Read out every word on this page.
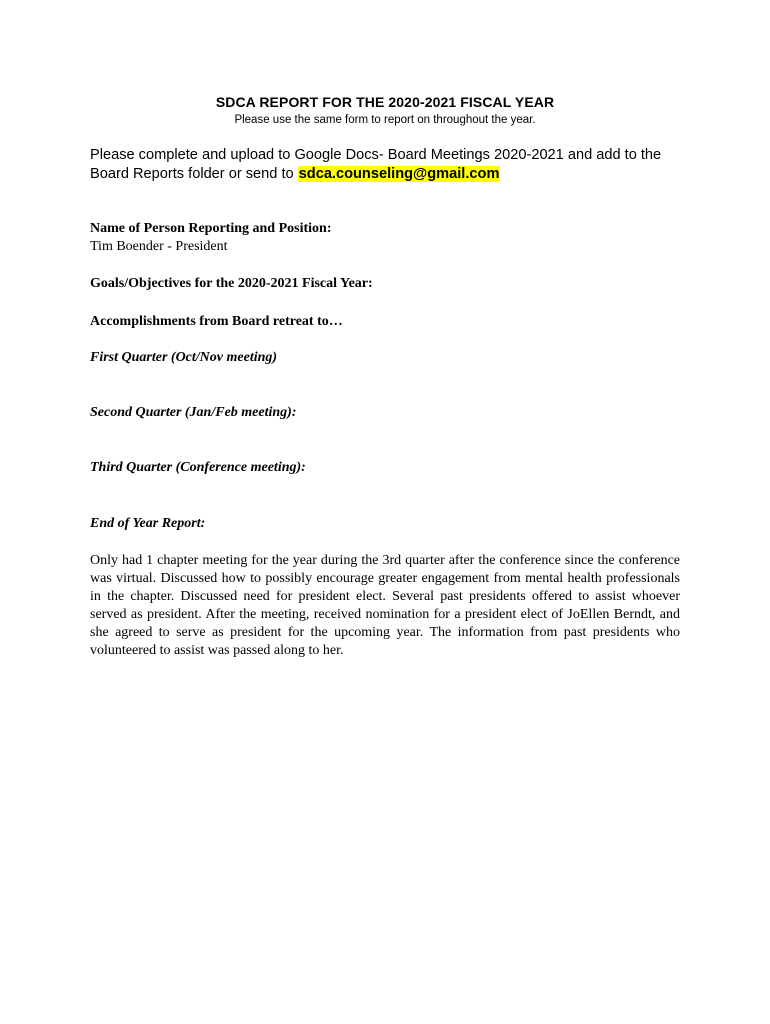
SDCA REPORT FOR THE 2020-2021 FISCAL YEAR
Please use the same form to report on throughout the year.
Please complete and upload to Google Docs- Board Meetings 2020-2021 and add to the Board Reports folder or send to sdca.counseling@gmail.com
Name of Person Reporting and Position:
Tim Boender - President
Goals/Objectives for the 2020-2021 Fiscal Year:
Accomplishments from Board retreat to…
First Quarter (Oct/Nov meeting)
Second Quarter (Jan/Feb meeting):
Third Quarter (Conference meeting):
End of Year Report:
Only had 1 chapter meeting for the year during the 3rd quarter after the conference since the conference was virtual. Discussed how to possibly encourage greater engagement from mental health professionals in the chapter. Discussed need for president elect. Several past presidents offered to assist whoever served as president. After the meeting, received nomination for a president elect of JoEllen Berndt, and she agreed to serve as president for the upcoming year. The information from past presidents who volunteered to assist was passed along to her.
